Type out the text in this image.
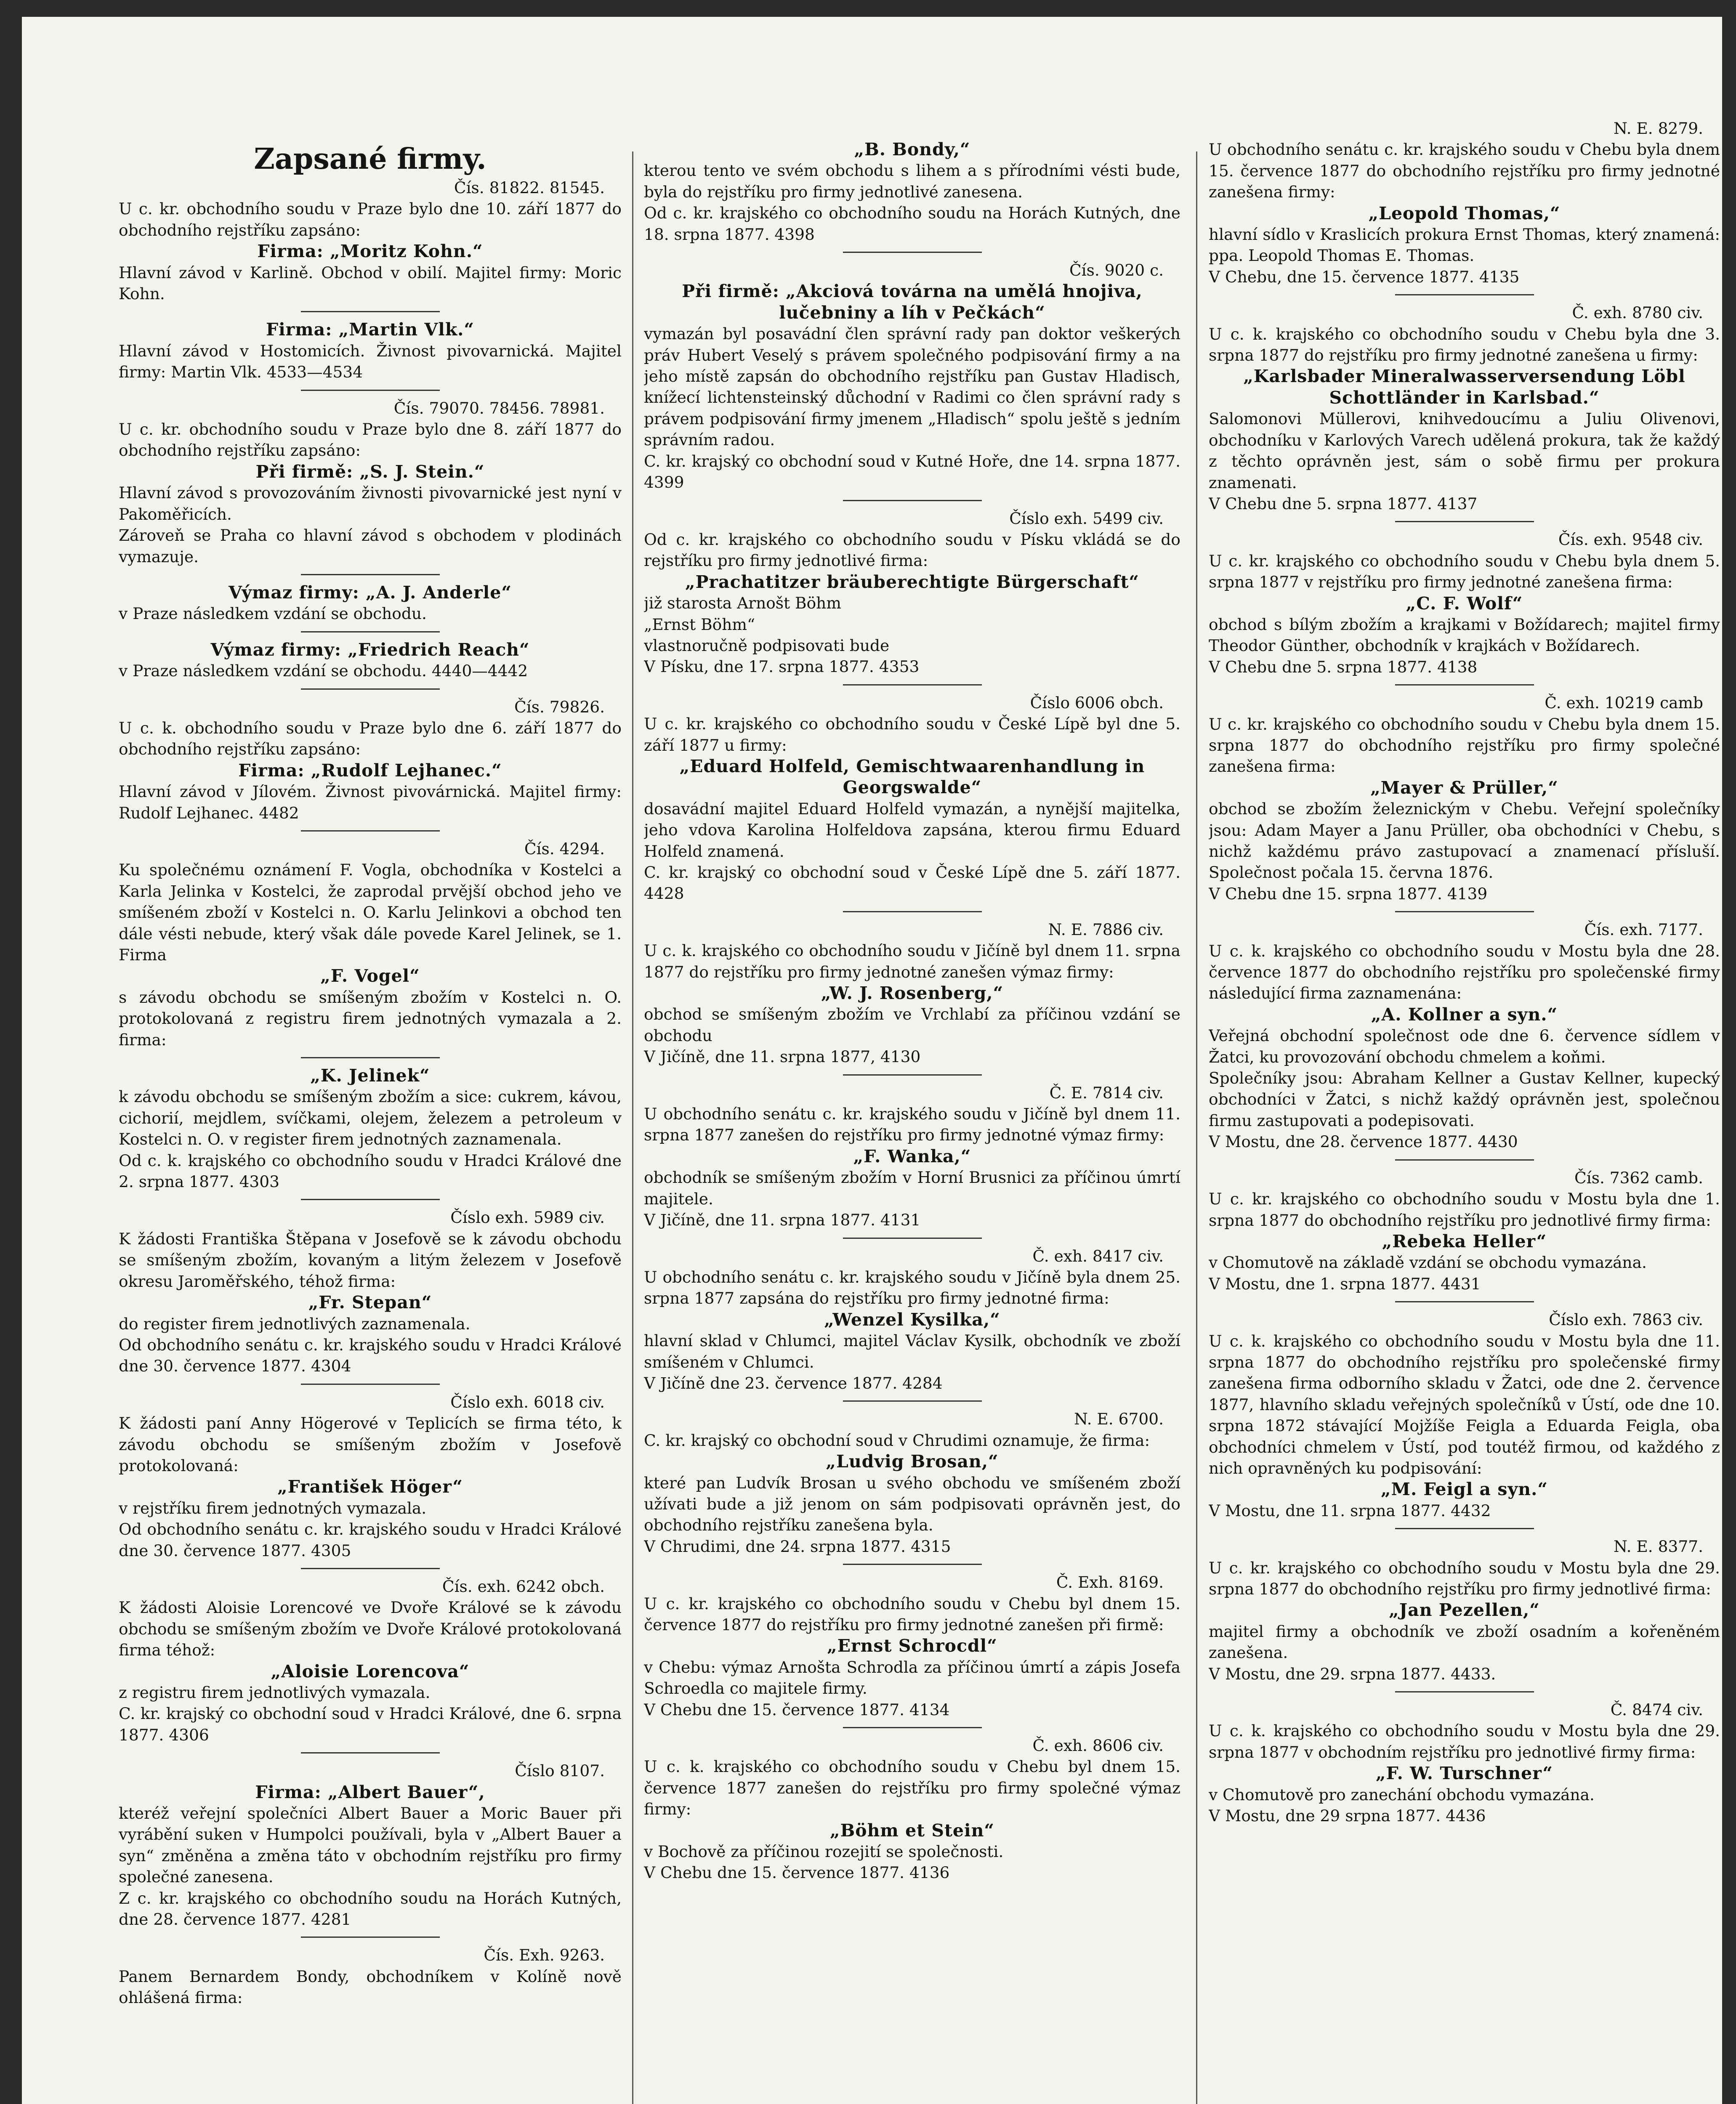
Zapsané firmy.
Čís. 81822. 81545.
U c. kr. obchodního soudu v Praze bylo dne 10. září 1877 do obchodního rejstříku zapsáno:
Firma: „Moritz Kohn.“
Hlavní závod v Karlině. Obchod v obilí. Majitel firmy: Moric Kohn.
Firma: „Martin Vlk.“
Hlavní závod v Hostomicích. Živnost pivovarnická. Majitel firmy: Martin Vlk. 4533—4534
Čís. 79070. 78456. 78981.
U c. kr. obchodního soudu v Praze bylo dne 8. září 1877 do obchodního rejstříku zapsáno:
Při firmě: „S. J. Stein.“
Hlavní závod s provozováním živnosti pivovarnické jest nyní v Pakoměřicích.
Zároveň se Praha co hlavní závod s obchodem v plodinách vymazuje.
Výmaz firmy: „A. J. Anderle“
v Praze následkem vzdání se obchodu.
Výmaz firmy: „Friedrich Reach“
v Praze následkem vzdání se obchodu. 4440—4442
Čís. 79826.
U c. k. obchodního soudu v Praze bylo dne 6. září 1877 do obchodního rejstříku zapsáno:
Firma: „Rudolf Lejhanec.“
Hlavní závod v Jílovém. Živnost pivovárnická. Majitel firmy: Rudolf Lejhanec. 4482
Čís. 4294.
Ku společnému oznámení F. Vogla, obchodníka v Kostelci a Karla Jelinka v Kostelci, že zaprodal prvější obchod jeho ve smíšeném zboží v Kostelci n. O. Karlu Jelinkovi a obchod ten dále vésti nebude, který však dále povede Karel Jelinek, se 1. Firma
„F. Vogel“
s závodu obchodu se smíšeným zbožím v Kostelci n. O. protokolovaná z registru firem jednotných vymazala a 2. firma:
„K. Jelinek“
k závodu obchodu se smíšeným zbožím a sice: cukrem, kávou, cichorií, mejdlem, svíčkami, olejem, železem a petroleum v Kostelci n. O. v register firem jednotných zaznamenala.
Od c. k. krajského co obchodního soudu v Hradci Králové dne 2. srpna 1877. 4303
Číslo exh. 5989 civ.
K žádosti Františka Štěpana v Josefově se k závodu obchodu se smíšeným zbožím, kovaným a litým železem v Josefově okresu Jaroměřského, téhož firma:
„Fr. Stepan“
do register firem jednotlivých zaznamenala.
Od obchodního senátu c. kr. krajského soudu v Hradci Králové dne 30. července 1877. 4304
Číslo exh. 6018 civ.
K žádosti paní Anny Högerové v Teplicích se firma této, k závodu obchodu se smíšeným zbožím v Josefově protokolovaná:
„František Höger“
v rejstříku firem jednotných vymazala.
Od obchodního senátu c. kr. krajského soudu v Hradci Králové dne 30. července 1877. 4305
Čís. exh. 6242 obch.
K žádosti Aloisie Lorencové ve Dvoře Králové se k závodu obchodu se smíšeným zbožím ve Dvoře Králové protokolovaná firma téhož:
„Aloisie Lorencova“
z registru firem jednotlivých vymazala.
C. kr. krajský co obchodní soud v Hradci Králové, dne 6. srpna 1877. 4306
Číslo 8107.
Firma: „Albert Bauer“,
kteréž veřejní společníci Albert Bauer a Moric Bauer při vyrábění suken v Humpolci používali, byla v „Albert Bauer a syn“ změněna a změna táto v obchodním rejstříku pro firmy společné zanesena.
Z c. kr. krajského co obchodního soudu na Horách Kutných, dne 28. července 1877. 4281
Čís. Exh. 9263.
Panem Bernardem Bondy, obchodníkem v Kolíně nově ohlášená firma:
„B. Bondy,“
kterou tento ve svém obchodu s lihem a s přírodními vésti bude, byla do rejstříku pro firmy jednotlivé zanesena.
Od c. kr. krajského co obchodního soudu na Horách Kutných, dne 18. srpna 1877. 4398
Čís. 9020 c.
Při firmě: „Akciová továrna na umělá hnojiva, lučebniny a líh v Pečkách“
vymazán byl posavádní člen správní rady pan doktor veškerých práv Hubert Veselý s právem společného podpisování firmy a na jeho místě zapsán do obchodního rejstříku pan Gustav Hladisch, knížecí lichtensteinský důchodní v Radimi co člen správní rady s právem podpisování firmy jmenem „Hladisch“ spolu ještě s jedním správním radou.
C. kr. krajský co obchodní soud v Kutné Hoře, dne 14. srpna 1877. 4399
Číslo exh. 5499 civ.
Od c. kr. krajského co obchodního soudu v Písku vkládá se do rejstříku pro firmy jednotlivé firma:
„Prachatitzer bräuberechtigte Bürgerschaft“
již starosta Arnošt Böhm
„Ernst Böhm“
vlastnoručně podpisovati bude
V Písku, dne 17. srpna 1877. 4353
Číslo 6006 obch.
U c. kr. krajského co obchodního soudu v České Lípě byl dne 5. září 1877 u firmy:
„Eduard Holfeld, Gemischtwaarenhandlung in Georgswalde“
dosavádní majitel Eduard Holfeld vymazán, a nynější majitelka, jeho vdova Karolina Holfeldova zapsána, kterou firmu Eduard Holfeld znamená.
C. kr. krajský co obchodní soud v České Lípě dne 5. září 1877. 4428
N. E. 7886 civ.
U c. k. krajského co obchodního soudu v Jičíně byl dnem 11. srpna 1877 do rejstříku pro firmy jednotné zanešen výmaz firmy:
„W. J. Rosenberg,“
obchod se smíšeným zbožím ve Vrchlabí za příčinou vzdání se obchodu
V Jičíně, dne 11. srpna 1877, 4130
Č. E. 7814 civ.
U obchodního senátu c. kr. krajského soudu v Jičíně byl dnem 11. srpna 1877 zanešen do rejstříku pro firmy jednotné výmaz firmy:
„F. Wanka,“
obchodník se smíšeným zbožím v Horní Brusnici za příčinou úmrtí majitele.
V Jičíně, dne 11. srpna 1877. 4131
Č. exh. 8417 civ.
U obchodního senátu c. kr. krajského soudu v Jičíně byla dnem 25. srpna 1877 zapsána do rejstříku pro firmy jednotné firma:
„Wenzel Kysilka,“
hlavní sklad v Chlumci, majitel Václav Kysilk, obchodník ve zboží smíšeném v Chlumci.
V Jičíně dne 23. července 1877. 4284
N. E. 6700.
C. kr. krajský co obchodní soud v Chrudimi oznamuje, že firma:
„Ludvig Brosan,“
které pan Ludvík Brosan u svého obchodu ve smíšeném zboží užívati bude a již jenom on sám podpisovati oprávněn jest, do obchodního rejstříku zanešena byla.
V Chrudimi, dne 24. srpna 1877. 4315
Č. Exh. 8169.
U c. kr. krajského co obchodního soudu v Chebu byl dnem 15. července 1877 do rejstříku pro firmy jednotné zanešen při firmě:
„Ernst Schrocdl“
v Chebu: výmaz Arnošta Schrodla za příčinou úmrtí a zápis Josefa Schroedla co majitele firmy.
V Chebu dne 15. července 1877. 4134
Č. exh. 8606 civ.
U c. k. krajského co obchodního soudu v Chebu byl dnem 15. července 1877 zanešen do rejstříku pro firmy společné výmaz firmy:
„Böhm et Stein“
v Bochově za příčinou rozejití se společnosti.
V Chebu dne 15. července 1877. 4136
N. E. 8279.
U obchodního senátu c. kr. krajského soudu v Chebu byla dnem 15. července 1877 do obchodního rejstříku pro firmy jednotné zanešena firmy:
„Leopold Thomas,“
hlavní sídlo v Kraslicích prokura Ernst Thomas, který znamená: ppa. Leopold Thomas E. Thomas.
V Chebu, dne 15. července 1877. 4135
Č. exh. 8780 civ.
U c. k. krajského co obchodního soudu v Chebu byla dne 3. srpna 1877 do rejstříku pro firmy jednotné zanešena u firmy:
„Karlsbader Mineralwasserversendung Löbl Schottländer in Karlsbad.“
Salomonovi Müllerovi, knihvedoucímu a Juliu Olivenovi, obchodníku v Karlových Varech udělená prokura, tak že každý z těchto oprávněn jest, sám o sobě firmu per prokura znamenati.
V Chebu dne 5. srpna 1877. 4137
Čís. exh. 9548 civ.
U c. kr. krajského co obchodního soudu v Chebu byla dnem 5. srpna 1877 v rejstříku pro firmy jednotné zanešena firma:
„C. F. Wolf“
obchod s bílým zbožím a krajkami v Božídarech; majitel firmy Theodor Günther, obchodník v krajkách v Božídarech.
V Chebu dne 5. srpna 1877. 4138
Č. exh. 10219 camb
U c. kr. krajského co obchodního soudu v Chebu byla dnem 15. srpna 1877 do obchodního rejstříku pro firmy společné zanešena firma:
„Mayer & Prüller,“
obchod se zbožím železnickým v Chebu. Veřejní společníky jsou: Adam Mayer a Janu Prüller, oba obchodníci v Chebu, s nichž každému právo zastupovací a znamenací přísluší. Společnost počala 15. června 1876.
V Chebu dne 15. srpna 1877. 4139
Čís. exh. 7177.
U c. k. krajského co obchodního soudu v Mostu byla dne 28. července 1877 do obchodního rejstříku pro společenské firmy následující firma zaznamenána:
„A. Kollner a syn.“
Veřejná obchodní společnost ode dne 6. července sídlem v Žatci, ku provozování obchodu chmelem a koňmi.
Společníky jsou: Abraham Kellner a Gustav Kellner, kupecký obchodníci v Žatci, s nichž každý oprávněn jest, společnou firmu zastupovati a podepisovati.
V Mostu, dne 28. července 1877. 4430
Čís. 7362 camb.
U c. kr. krajského co obchodního soudu v Mostu byla dne 1. srpna 1877 do obchodního rejstříku pro jednotlivé firmy firma:
„Rebeka Heller“
v Chomutově na základě vzdání se obchodu vymazána.
V Mostu, dne 1. srpna 1877. 4431
Číslo exh. 7863 civ.
U c. k. krajského co obchodního soudu v Mostu byla dne 11. srpna 1877 do obchodního rejstříku pro společenské firmy zanešena firma odborního skladu v Žatci, ode dne 2. července 1877, hlavního skladu veřejných společníků v Ústí, ode dne 10. srpna 1872 stávající Mojžíše Feigla a Eduarda Feigla, oba obchodníci chmelem v Ústí, pod toutéž firmou, od každého z nich opravněných ku podpisování:
„M. Feigl a syn.“
V Mostu, dne 11. srpna 1877. 4432
N. E. 8377.
U c. kr. krajského co obchodního soudu v Mostu byla dne 29. srpna 1877 do obchodního rejstříku pro firmy jednotlivé firma:
„Jan Pezellen,“
majitel firmy a obchodník ve zboží osadním a kořeněném zanešena.
V Mostu, dne 29. srpna 1877. 4433.
Č. 8474 civ.
U c. k. krajského co obchodního soudu v Mostu byla dne 29. srpna 1877 v obchodním rejstříku pro jednotlivé firmy firma:
„F. W. Turschner“
v Chomutově pro zanechání obchodu vymazána.
V Mostu, dne 29 srpna 1877. 4436
